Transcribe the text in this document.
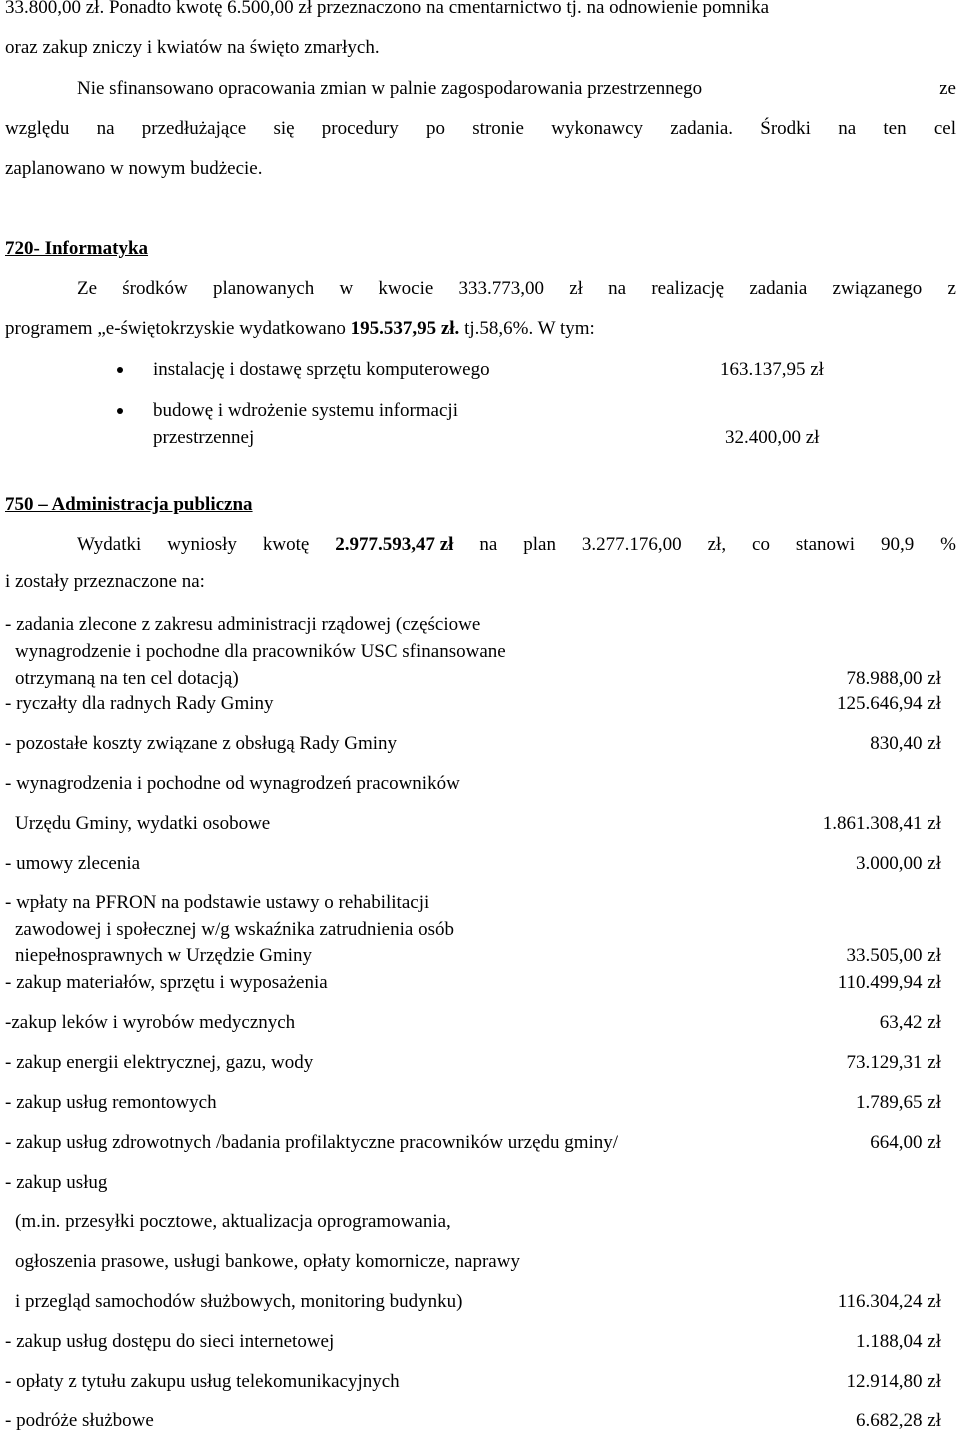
33.800,00 zł. Ponadto kwotę 6.500,00 zł przeznaczono na cmentarnictwo tj. na odnowienie pomnika
oraz zakup zniczy i kwiatów na święto zmarłych.
Nie sfinansowano opracowania zmian w palnie zagospodarowania przestrzennego	ze
względu na przedłużające się procedury po stronie wykonawcy zadania. Środki na ten cel
zaplanowano w nowym budżecie.
720- Informatyka
Ze środków planowanych w kwocie 333.773,00 zł na realizację zadania związanego z
programem „e-świętokrzyskie wydatkowano 195.537,95 zł. tj.58,6%. W tym:
instalację i dostawę sprzętu komputerowego	163.137,95 zł
budowę i wdrożenie systemu informacji
przestrzennej	32.400,00 zł
750 – Administracja publiczna
Wydatki wyniosły kwotę 2.977.593,47 zł na plan 3.277.176,00 zł, co stanowi 90,9 %
i zostały przeznaczone na:
- zadania zlecone z zakresu administracji rządowej (częściowe
wynagrodzenie i pochodne dla pracowników USC sfinansowane
otrzymaną na ten cel dotacją)	78.988,00 zł
- ryczałty dla radnych Rady Gminy	125.646,94 zł
- pozostałe koszty związane z obsługą Rady Gminy	830,40 zł
- wynagrodzenia i pochodne od wynagrodzeń pracowników
Urzędu Gminy, wydatki osobowe	1.861.308,41 zł
- umowy zlecenia	3.000,00 zł
- wpłaty na PFRON na podstawie ustawy o rehabilitacji
zawodowej i społecznej w/g wskaźnika zatrudnienia osób
niepełnosprawnych w Urzędzie Gminy	33.505,00 zł
- zakup materiałów, sprzętu i wyposażenia	110.499,94 zł
-zakup leków i wyrobów medycznych	63,42 zł
- zakup energii elektrycznej, gazu, wody	73.129,31 zł
- zakup usług remontowych	1.789,65 zł
- zakup usług zdrowotnych /badania profilaktyczne pracowników urzędu gminy/	664,00 zł
- zakup usług
(m.in. przesyłki pocztowe, aktualizacja oprogramowania,
ogłoszenia prasowe, usługi bankowe, opłaty komornicze, naprawy
i przegląd samochodów służbowych, monitoring budynku)	116.304,24 zł
- zakup usług dostępu do sieci internetowej	1.188,04 zł
- opłaty z tytułu zakupu usług telekomunikacyjnych	12.914,80 zł
- podróże służbowe	6.682,28 zł
